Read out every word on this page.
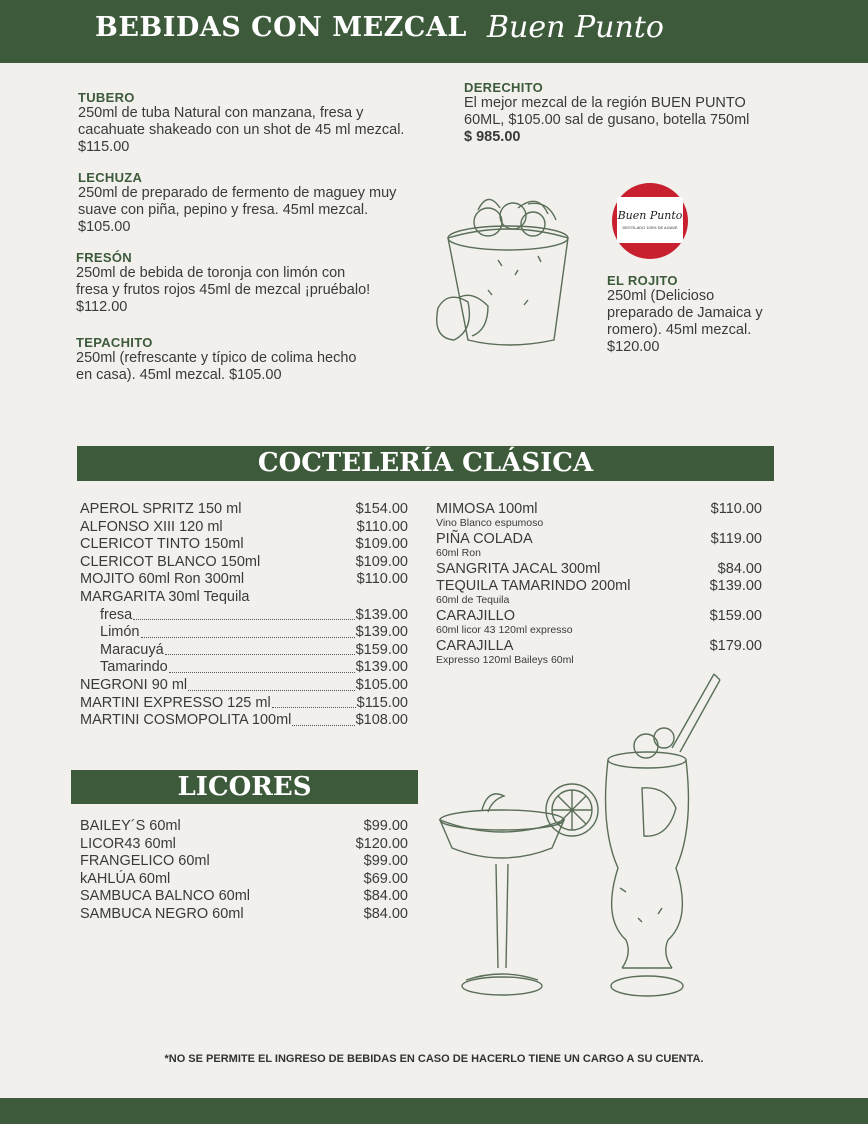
BEBIDAS CON MEZCAL Buen Punto
TUBERO
250ml de tuba Natural con manzana, fresa y cacahuate shakeado con un shot de 45 ml mezcal. $115.00
LECHUZA
250ml de preparado de fermento de maguey muy suave con piña, pepino y fresa. 45ml mezcal. $105.00
FRESÓN
250ml de bebida de toronja con limón con fresa y frutos rojos 45ml de mezcal ¡pruébalo! $112.00
TEPACHITO
250ml (refrescante y típico de colima hecho en casa). 45ml mezcal. $105.00
DERECHITO
El mejor mezcal de la región BUEN PUNTO 60ML, $105.00 sal de gusano, botella 750ml $ 985.00
EL ROJITO
250ml (Delicioso preparado de Jamaica y romero). 45ml mezcal. $120.00
Buen Punto
DESTILADO 100% DE AGAVE
COCTELERÍA CLÁSICA
APEROL SPRITZ 150 ml	$154.00
ALFONSO XIII 120 ml	$110.00
CLERICOT TINTO 150ml	$109.00
CLERICOT BLANCO 150ml	$109.00
MOJITO 60ml Ron 300ml	$110.00
MARGARITA 30ml Tequila
fresa	$139.00
Limón	$139.00
Maracuyá	$159.00
Tamarindo	$139.00
NEGRONI 90 ml	$105.00
MARTINI EXPRESSO 125 ml	$115.00
MARTINI COSMOPOLITA 100ml	$108.00
MIMOSA 100ml	$110.00
Vino Blanco espumoso
PIÑA COLADA	$119.00
60ml Ron
SANGRITA JACAL 300ml	$84.00
TEQUILA TAMARINDO 200ml	$139.00
60ml de Tequila
CARAJILLO	$159.00
60ml licor 43 120ml expresso
CARAJILLA	$179.00
Expresso 120ml Baileys 60ml
LICORES
BAILEY´S 60ml	$99.00
LICOR43 60ml	$120.00
FRANGELICO 60ml	$99.00
kAHLÚA 60ml	$69.00
SAMBUCA BALNCO 60ml	$84.00
SAMBUCA NEGRO 60ml	$84.00
*NO SE PERMITE EL INGRESO DE BEBIDAS EN CASO DE HACERLO TIENE UN CARGO A SU CUENTA.
